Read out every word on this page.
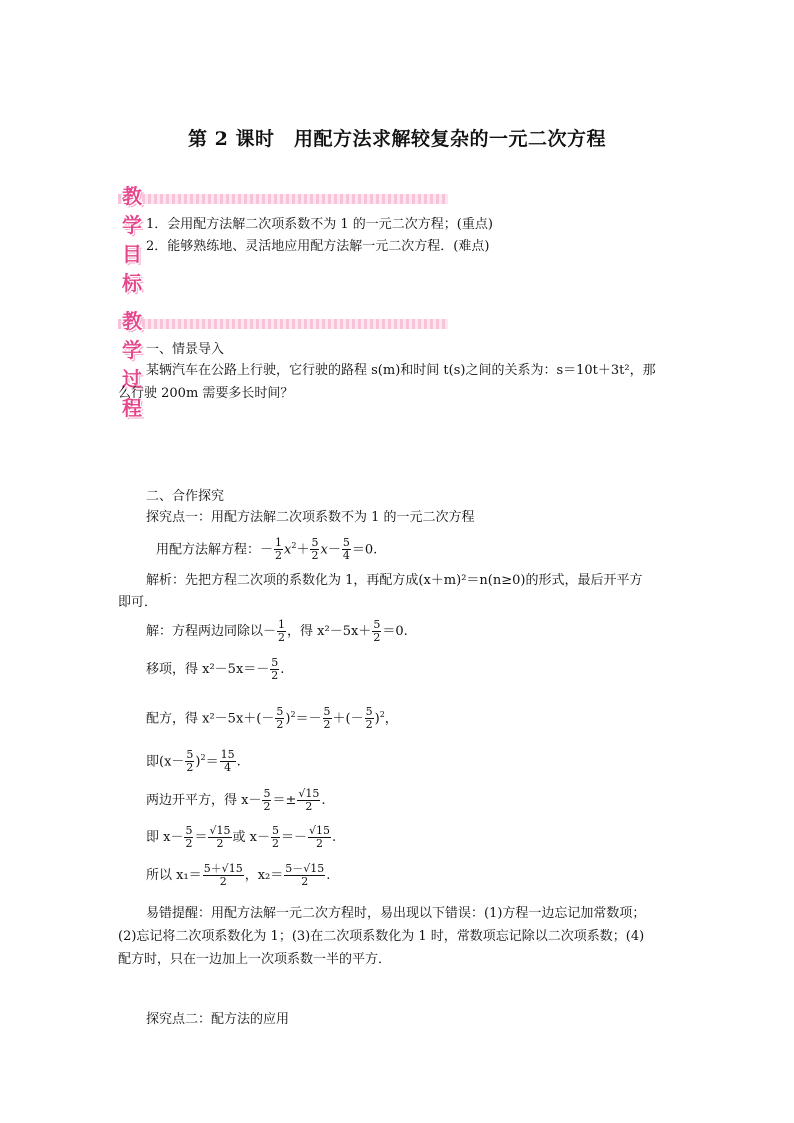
第 2 课时　用配方法求解较复杂的一元二次方程
教学目标
1．会用配方法解二次项系数不为 1 的一元二次方程；(重点)
2．能够熟练地、灵活地应用配方法解一元二次方程．(难点)
教学过程
一、情景导入
某辆汽车在公路上行驶，它行驶的路程 s(m)和时间 t(s)之间的关系为：s＝10t＋3t²，那
么行驶 200m 需要多长时间？
二、合作探究
探究点一：用配方法解二次项系数不为 1 的一元二次方程
用配方法解方程：－ $\frac{1}{2} x^2+ \frac{5}{2} x- \frac{5}{4} =0$.
解析：先把方程二次项的系数化为 1，再配方成(x＋m)²＝n(n≥0)的形式，最后开平方
即可．
解：方程两边同除以－ $\frac{1}{2}$ ，得 $x^2-5x+ \frac{5}{2} =0$.
移项，得 $x^2-5x=- \frac{5}{2}$ .
配方，得 $x^2-5x+(- \frac{5}{2} )^2=- \frac{5}{2}$ ＋(－ $\frac{5}{2} )^2$，
即$(x- \frac{5}{2} )^2= \frac{15}{4}$ .
两边开平方，得 $x- \frac{5}{2} =\pm \frac{√15}{2}$ .
即 $x- \frac{5}{2} = \frac{√15}{2}$ 或 $x- \frac{5}{2} =- \frac{√15}{2}$ .
所以 $x_1= \frac{5+√15}{2}$ ，$x_2= \frac{5-√15}{2}$ .
易错提醒：用配方法解一元二次方程时，易出现以下错误：(1)方程一边忘记加常数项；
(2)忘记将二次项系数化为 1；(3)在二次项系数化为 1 时，常数项忘记除以二次项系数；(4)
配方时，只在一边加上一次项系数一半的平方．
探究点二：配方法的应用
